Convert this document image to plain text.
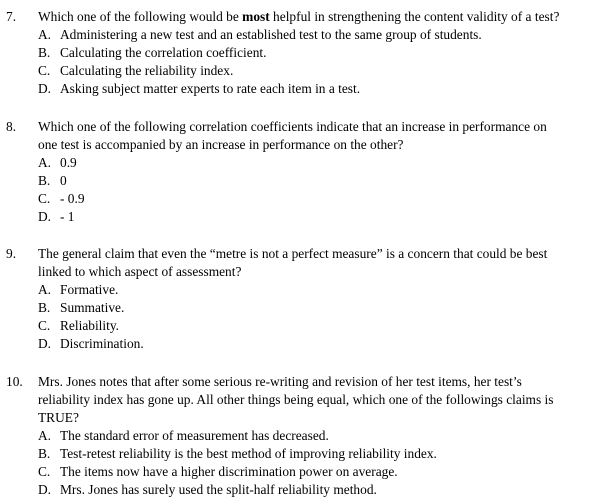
7.	Which one of the following would be most helpful in strengthening the content validity of a test?
A. Administering a new test and an established test to the same group of students.
B. Calculating the correlation coefficient.
C. Calculating the reliability index.
D. Asking subject matter experts to rate each item in a test.
8.	Which one of the following correlation coefficients indicate that an increase in performance on
one test is accompanied by an increase in performance on the other?
A. 0.9
B. 0
C. - 0.9
D. - 1
9.	The general claim that even the “metre is not a perfect measure” is a concern that could be best
linked to which aspect of assessment?
A. Formative.
B. Summative.
C. Reliability.
D. Discrimination.
10.	Mrs. Jones notes that after some serious re-writing and revision of her test items, her test’s
reliability index has gone up. All other things being equal, which one of the followings claims is
TRUE?
A. The standard error of measurement has decreased.
B. Test-retest reliability is the best method of improving reliability index.
C. The items now have a higher discrimination power on average.
D. Mrs. Jones has surely used the split-half reliability method.
